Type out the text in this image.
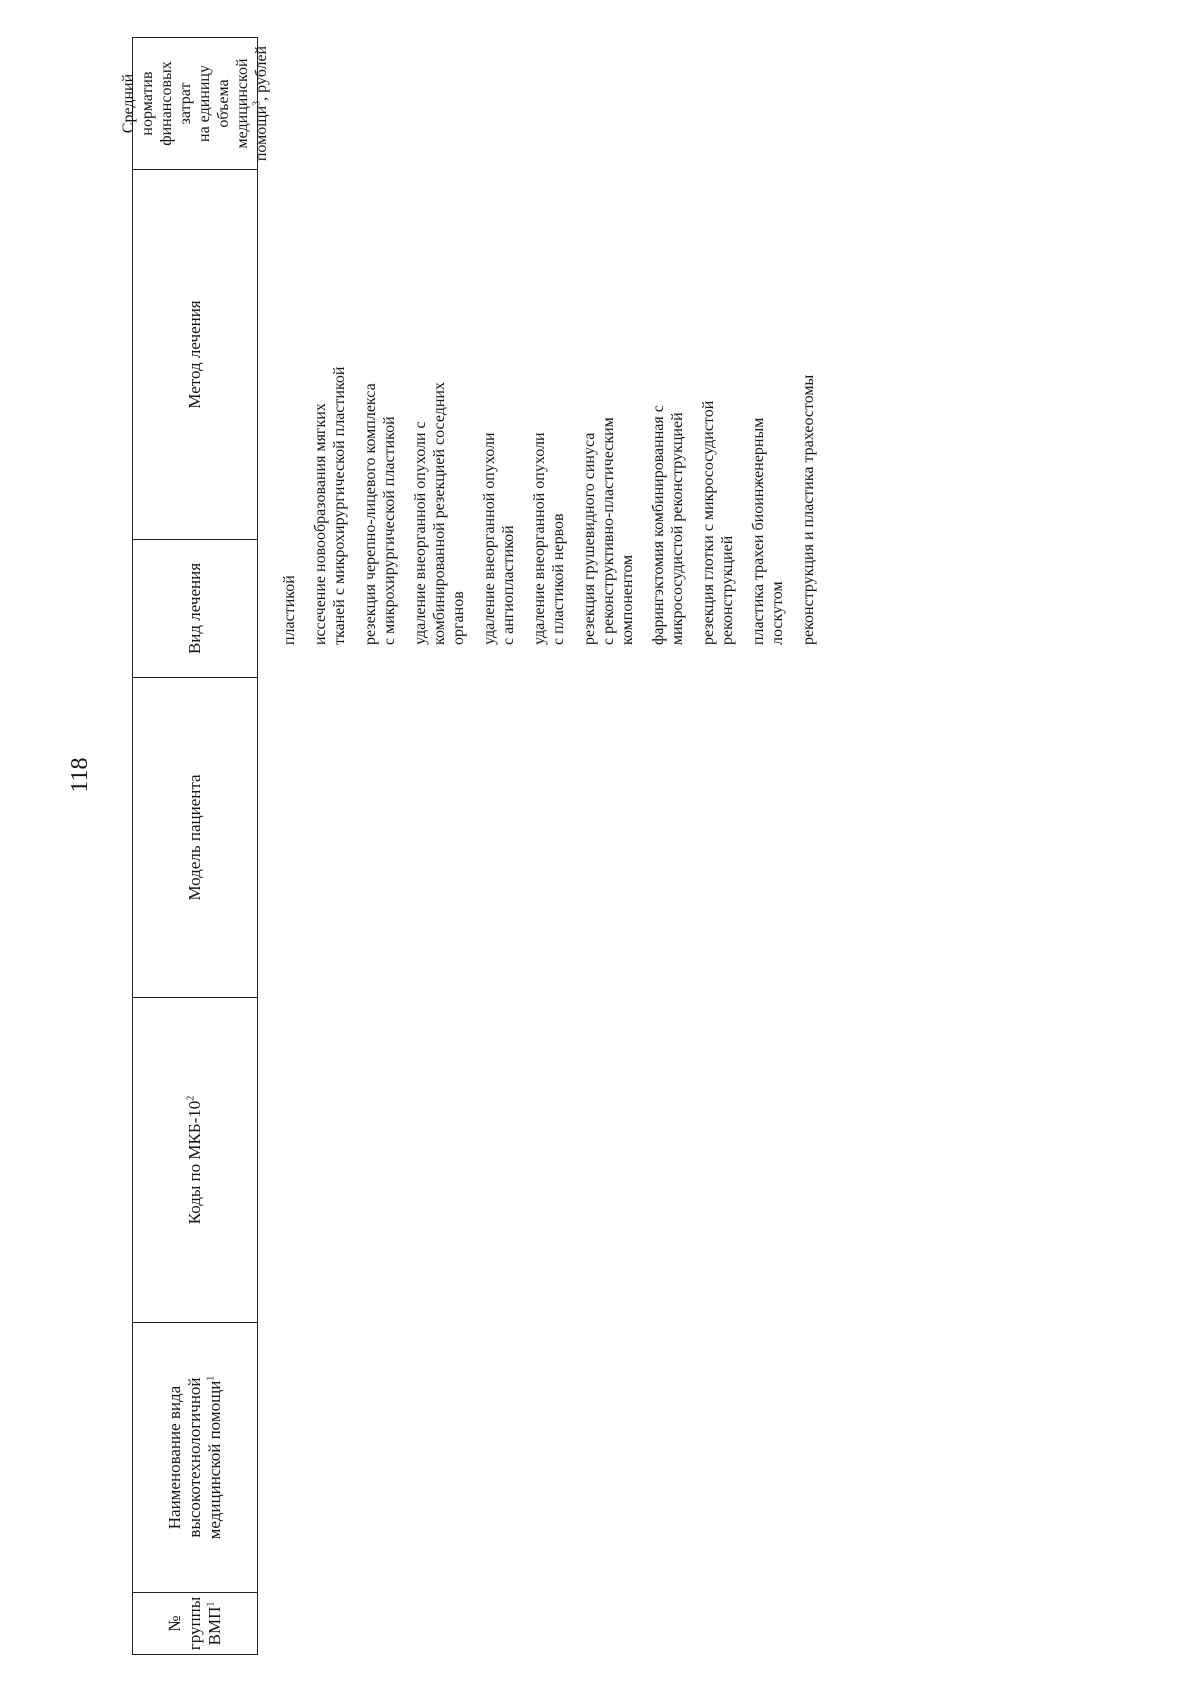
118
№ группы ВМП$^1$
Наименование вида высокотехнологичной медицинской помощи$^1$
Коды по МКБ-$10^2$
Модель пациента
Вид лечения
Метод лечения
Средний норматив финансовых затрат на единицу объема медицинской помощи$^3$, рублей

пластикой иссечение новообразования мягких
тканей с микрохирургической пластикой

резекция черепно-лицевого комплекса
с микрохирургической пластикой

удаление внеорганной опухоли с
комбинированной резекцией соседних
органов удаление внеорганной опухоли
с ангиопластикой удаление внеорганной опухоли
с пластикой нервов

резекция грушевидного синуса
с реконструктивно-пластическим
компонентом фарингэктомия комбинированная с
микрососудистой реконструкцией

резекция глотки с микрососудистой
реконструкцией пластика трахеи биоинженерным
лоскутом реконструкция и пластика трахеостомы
